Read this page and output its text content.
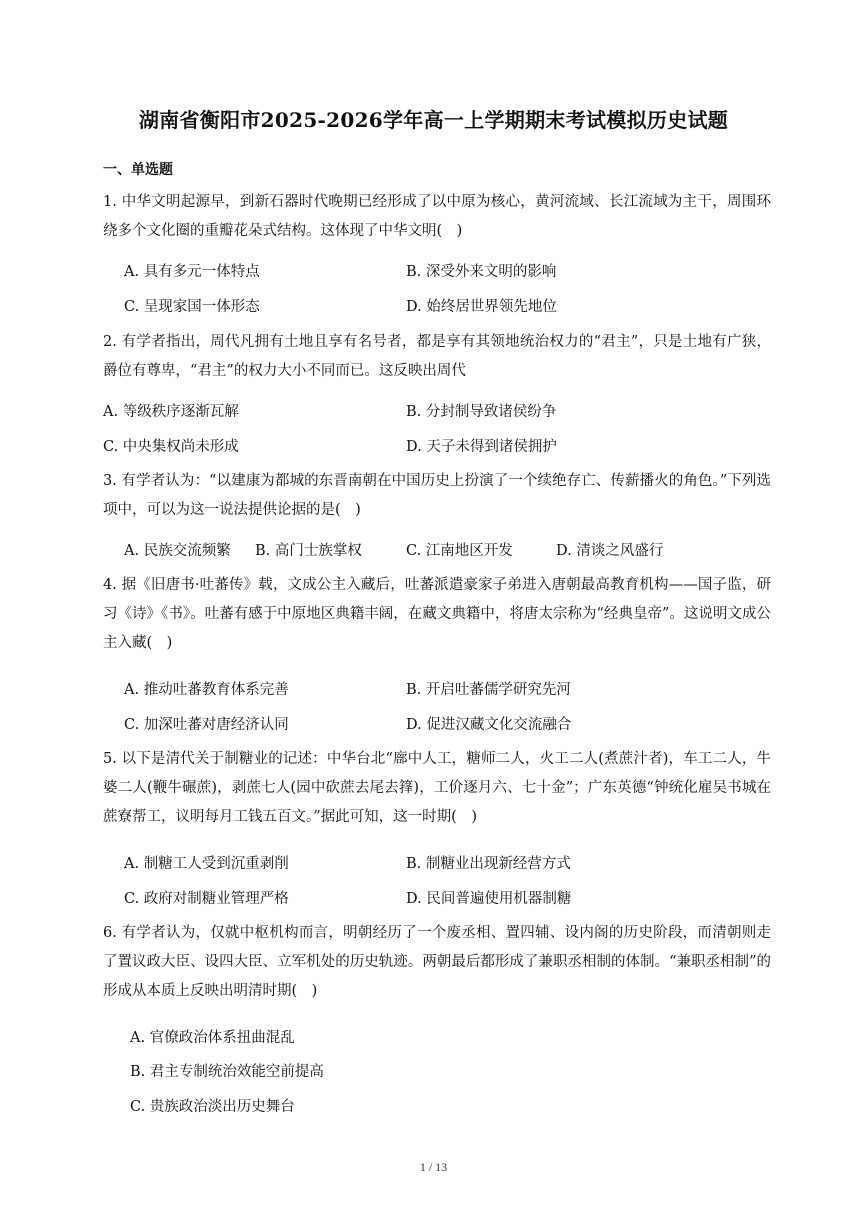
湖南省衡阳市2025-2026学年高一上学期期末考试模拟历史试题
一、单选题
1. 中华文明起源早，到新石器时代晚期已经形成了以中原为核心，黄河流域、长江流域为主干，周围环绕多个文化圈的重瓣花朵式结构。这体现了中华文明(　)
A. 具有多元一体特点	B. 深受外来文明的影响
C. 呈现家国一体形态	D. 始终居世界领先地位
2. 有学者指出，周代凡拥有土地且享有名号者，都是享有其领地统治权力的“君主”，只是土地有广狭，爵位有尊卑，“君主”的权力大小不同而已。这反映出周代
A. 等级秩序逐渐瓦解	B. 分封制导致诸侯纷争
C. 中央集权尚未形成	D. 天子未得到诸侯拥护
3. 有学者认为：“以建康为都城的东晋南朝在中国历史上扮演了一个续绝存亡、传薪播火的角色。”下列选项中，可以为这一说法提供论据的是(　)
A. 民族交流频繁 B. 高门士族掌权	C. 江南地区开发	D. 清谈之风盛行
4. 据《旧唐书·吐蕃传》载，文成公主入藏后，吐蕃派遣豪家子弟进入唐朝最高教育机构——国子监，研习《诗》《书》。吐蕃有感于中原地区典籍丰阔，在藏文典籍中，将唐太宗称为“经典皇帝”。这说明文成公主入藏(　)
A. 推动吐蕃教育体系完善	B. 开启吐蕃儒学研究先河
C. 加深吐蕃对唐经济认同	D. 促进汉藏文化交流融合
5. 以下是清代关于制糖业的记述：中华台北“廍中人工，糖师二人，火工二人(煮蔗汁者)，车工二人，牛婆二人(鞭牛碾蔗)，剥蔗七人(园中砍蔗去尾去箨)，工价逐月六、七十金”；广东英德“钟统化雇吴书城在蔗寮帮工，议明每月工钱五百文。”据此可知，这一时期(　)
A. 制糖工人受到沉重剥削	B. 制糖业出现新经营方式
C. 政府对制糖业管理严格	D. 民间普遍使用机器制糖
6. 有学者认为，仅就中枢机构而言，明朝经历了一个废丞相、置四辅、设内阁的历史阶段，而清朝则走了置议政大臣、设四大臣、立军机处的历史轨迹。两朝最后都形成了兼职丞相制的体制。“兼职丞相制”的形成从本质上反映出明清时期(　)
A. 官僚政治体系扭曲混乱
B. 君主专制统治效能空前提高
C. 贵族政治淡出历史舞台
1 / 13
